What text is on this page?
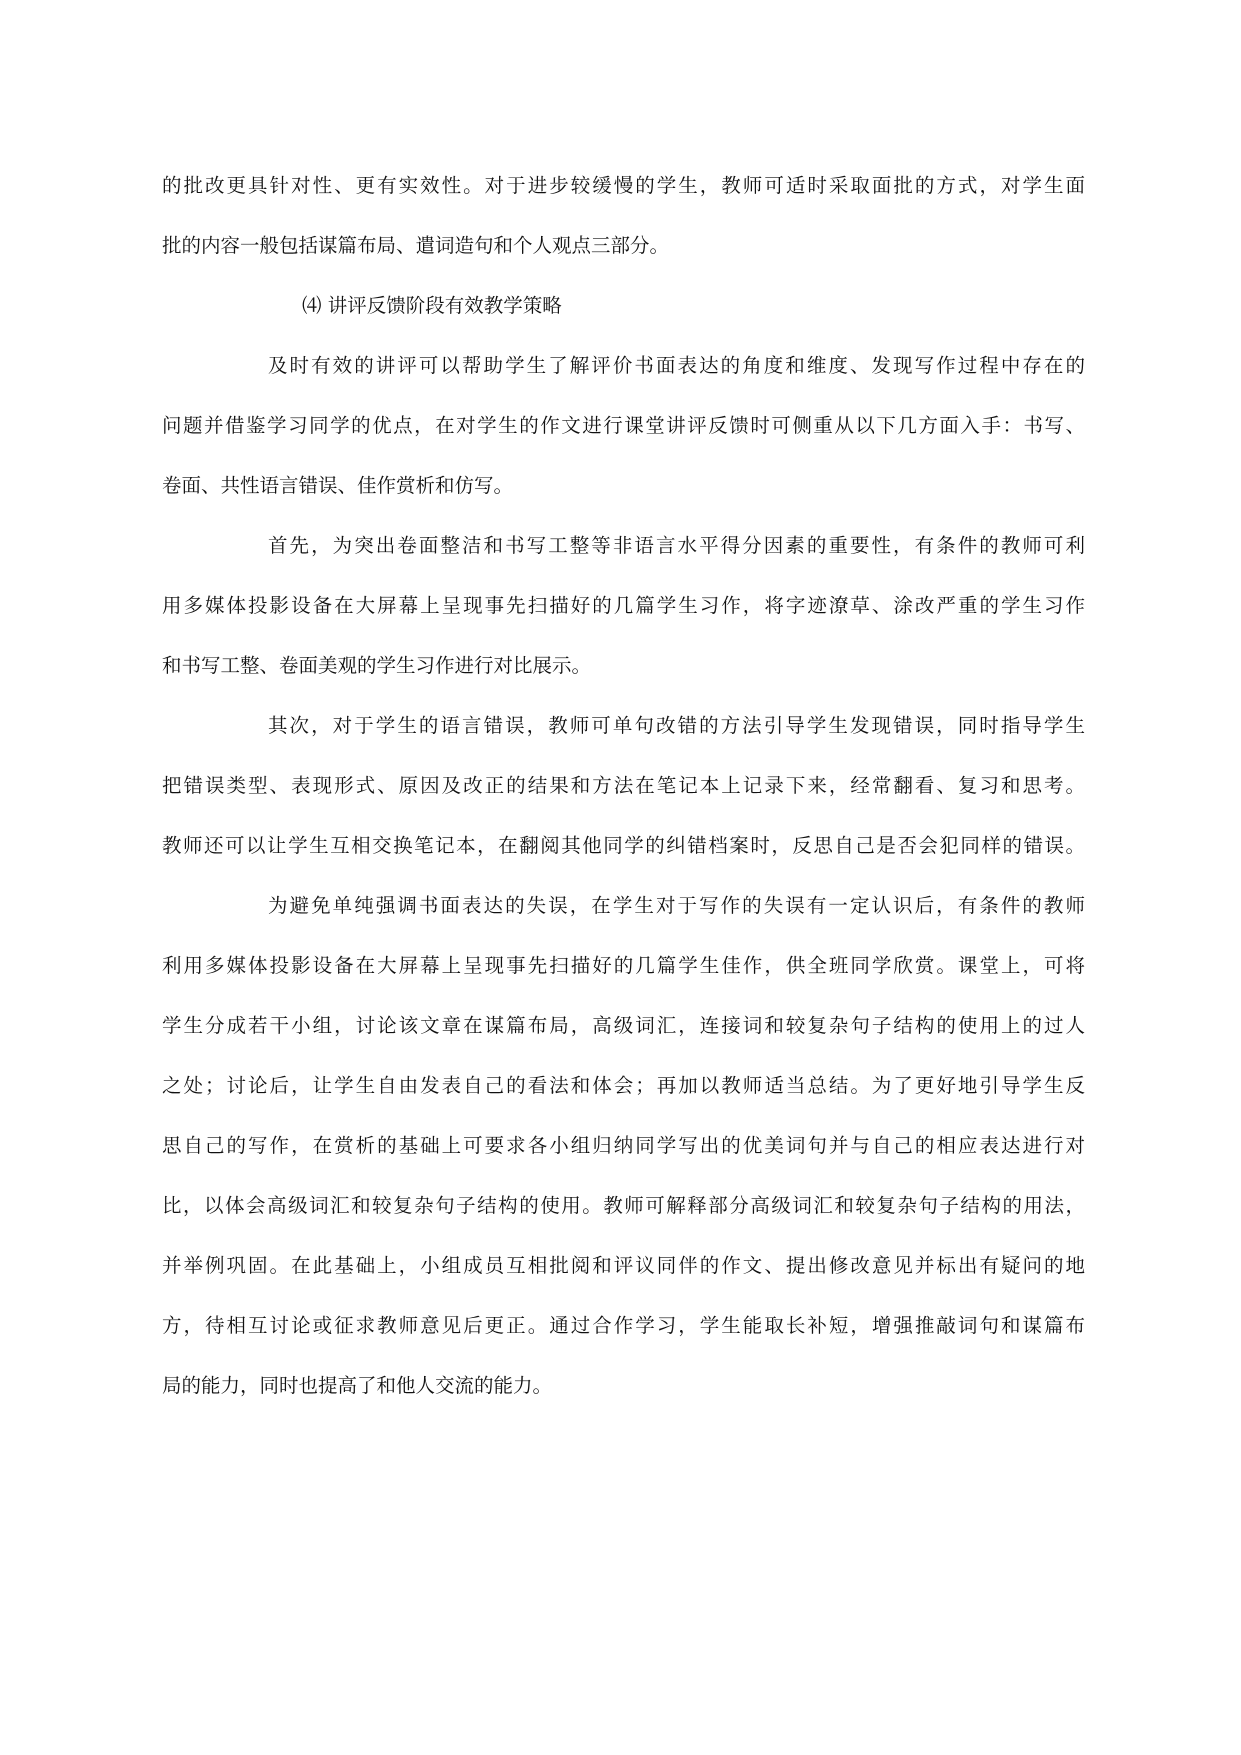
的批改更具针对性、更有实效性。对于进步较缓慢的学生，教师可适时采取面批的方式，对学生面
批的内容一般包括谋篇布局、遣词造句和个人观点三部分。
⑷ 讲评反馈阶段有效教学策略
及时有效的讲评可以帮助学生了解评价书面表达的角度和维度、发现写作过程中存在的
问题并借鉴学习同学的优点，在对学生的作文进行课堂讲评反馈时可侧重从以下几方面入手：书写、
卷面、共性语言错误、佳作赏析和仿写。
首先，为突出卷面整洁和书写工整等非语言水平得分因素的重要性，有条件的教师可利
用多媒体投影设备在大屏幕上呈现事先扫描好的几篇学生习作，将字迹潦草、涂改严重的学生习作
和书写工整、卷面美观的学生习作进行对比展示。
其次，对于学生的语言错误，教师可单句改错的方法引导学生发现错误，同时指导学生
把错误类型、表现形式、原因及改正的结果和方法在笔记本上记录下来，经常翻看、复习和思考。
教师还可以让学生互相交换笔记本，在翻阅其他同学的纠错档案时，反思自己是否会犯同样的错误。
为避免单纯强调书面表达的失误，在学生对于写作的失误有一定认识后，有条件的教师
利用多媒体投影设备在大屏幕上呈现事先扫描好的几篇学生佳作，供全班同学欣赏。课堂上，可将
学生分成若干小组，讨论该文章在谋篇布局，高级词汇，连接词和较复杂句子结构的使用上的过人
之处；讨论后，让学生自由发表自己的看法和体会；再加以教师适当总结。为了更好地引导学生反
思自己的写作，在赏析的基础上可要求各小组归纳同学写出的优美词句并与自己的相应表达进行对
比，以体会高级词汇和较复杂句子结构的使用。教师可解释部分高级词汇和较复杂句子结构的用法，
并举例巩固。在此基础上，小组成员互相批阅和评议同伴的作文、提出修改意见并标出有疑问的地
方，待相互讨论或征求教师意见后更正。通过合作学习，学生能取长补短，增强推敲词句和谋篇布
局的能力，同时也提高了和他人交流的能力。
